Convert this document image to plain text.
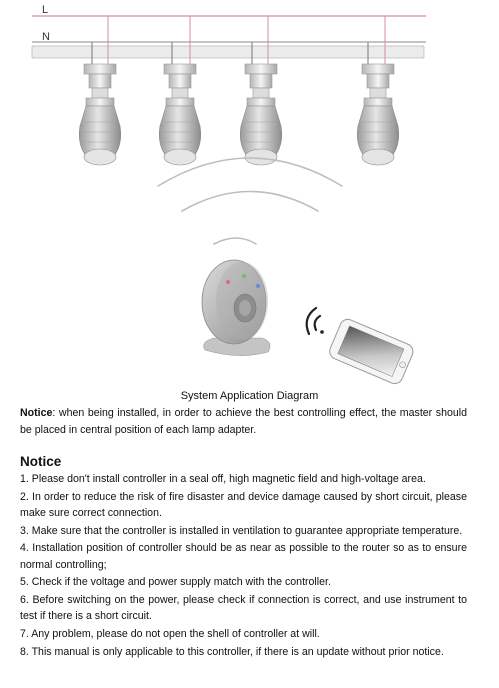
L
N
System Application Diagram
Notice: when being installed, in order to achieve the best controlling effect, the master should be placed in central position of each lamp adapter.
Notice
1. Please don't install controller in a seal off, high magnetic field and high-voltage area.
2. In order to reduce the risk of fire disaster and device damage caused by short circuit, please make sure correct connection.
3. Make sure that the controller is installed in ventilation to guarantee appropriate temperature.
4. Installation position of controller should be as near as possible to the router so as to ensure normal controlling;
5. Check if the voltage and power supply match with the controller.
6. Before switching on the power, please check if connection is correct, and use instrument to test if there is a short circuit.
7. Any problem, please do not open the shell of controller at will.
8. This manual is only applicable to this controller, if there is an update without prior notice.
